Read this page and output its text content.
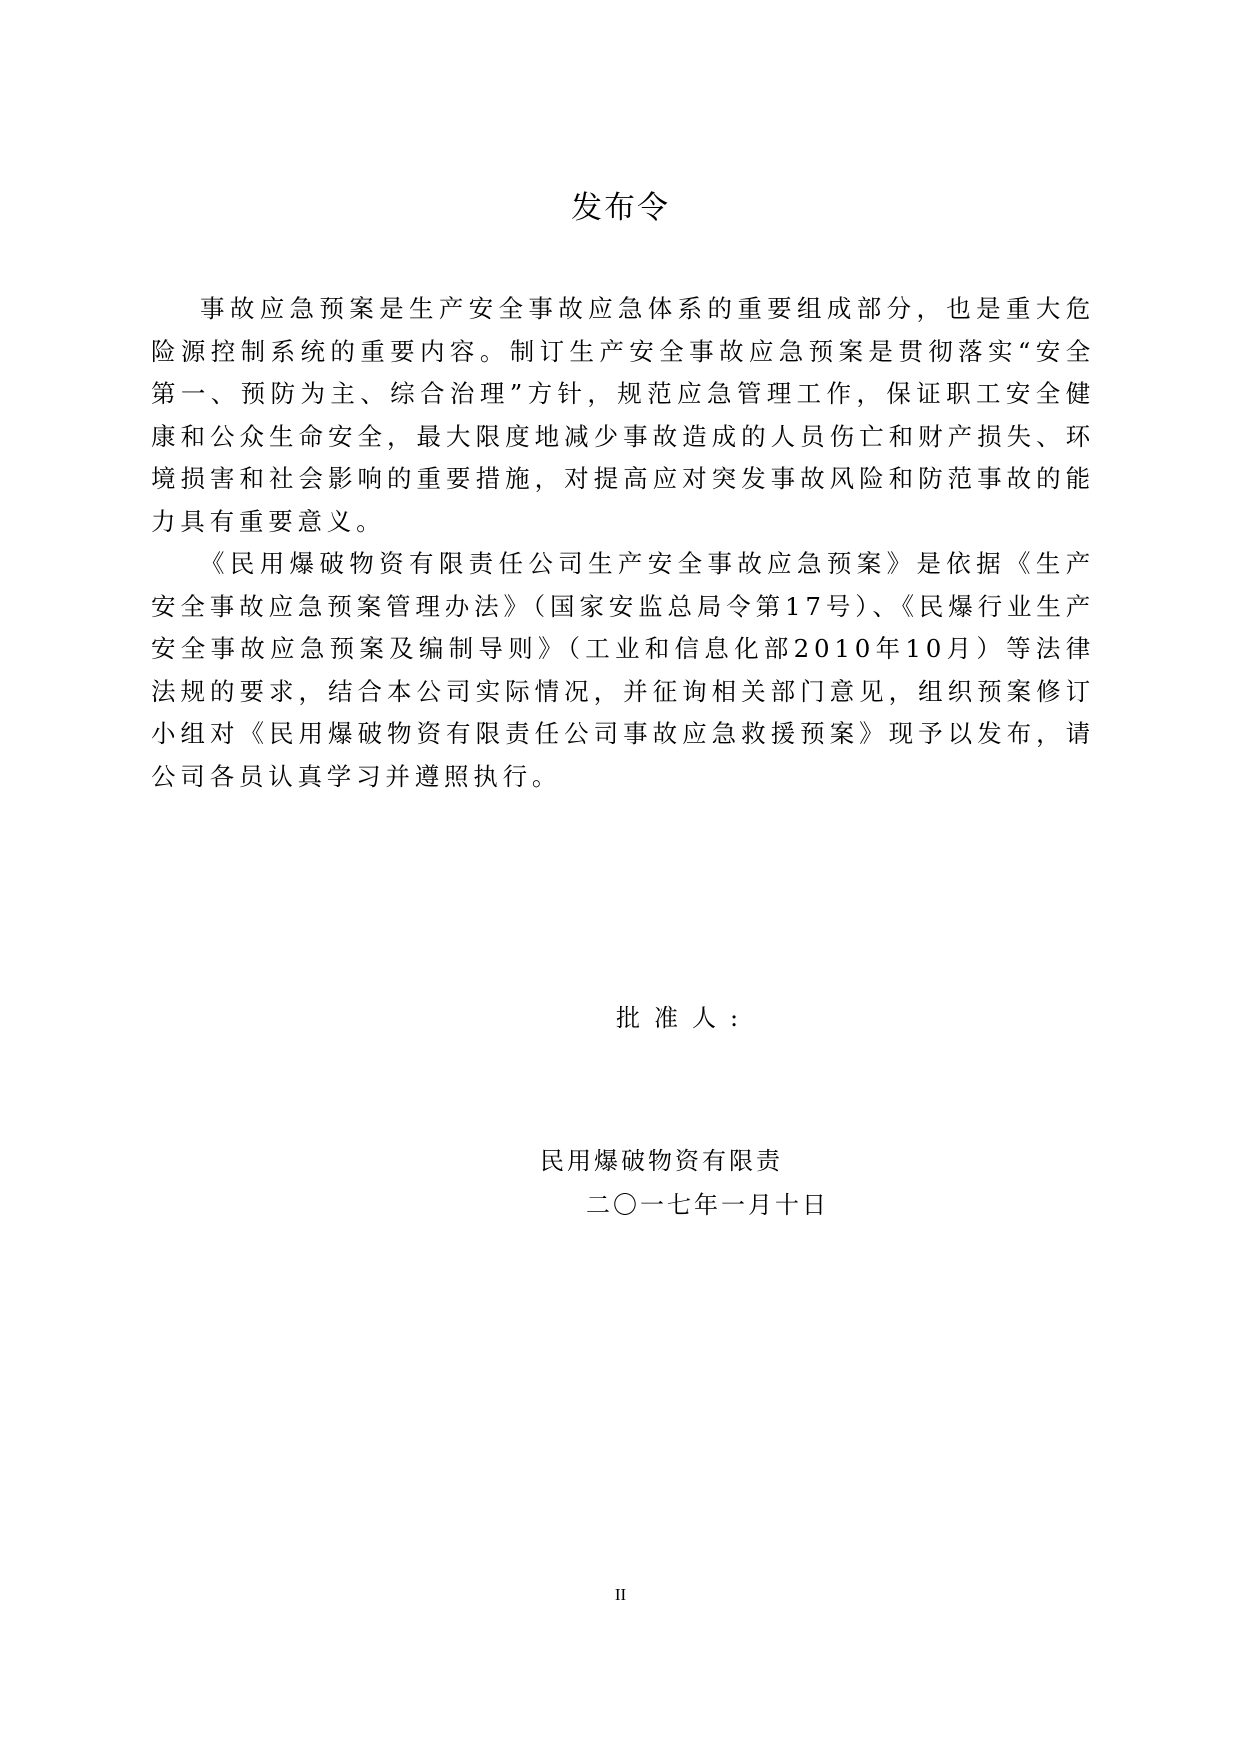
发布令

事故应急预案是生产安全事故应急体系的重要组成部分，也是重大危险源控制系统的重要内容。制订生产安全事故应急预案是贯彻落实“安全第一、预防为主、综合治理”方针，规范应急管理工作，保证职工安全健康和公众生命安全，最大限度地减少事故造成的人员伤亡和财产损失、环境损害和社会影响的重要措施，对提高应对突发事故风险和防范事故的能力具有重要意义。

《民用爆破物资有限责任公司生产安全事故应急预案》是依据《生产安全事故应急预案管理办法》（国家安监总局令第17号）、《民爆行业生产安全事故应急预案及编制导则》（工业和信息化部2010年10月）等法律法规的要求，结合本公司实际情况，并征询相关部门意见，组织预案修订小组对《民用爆破物资有限责任公司事故应急救援预案》现予以发布，请公司各员认真学习并遵照执行。

批准人:
民用爆破物资有限责
二〇一七年一月十日
II
